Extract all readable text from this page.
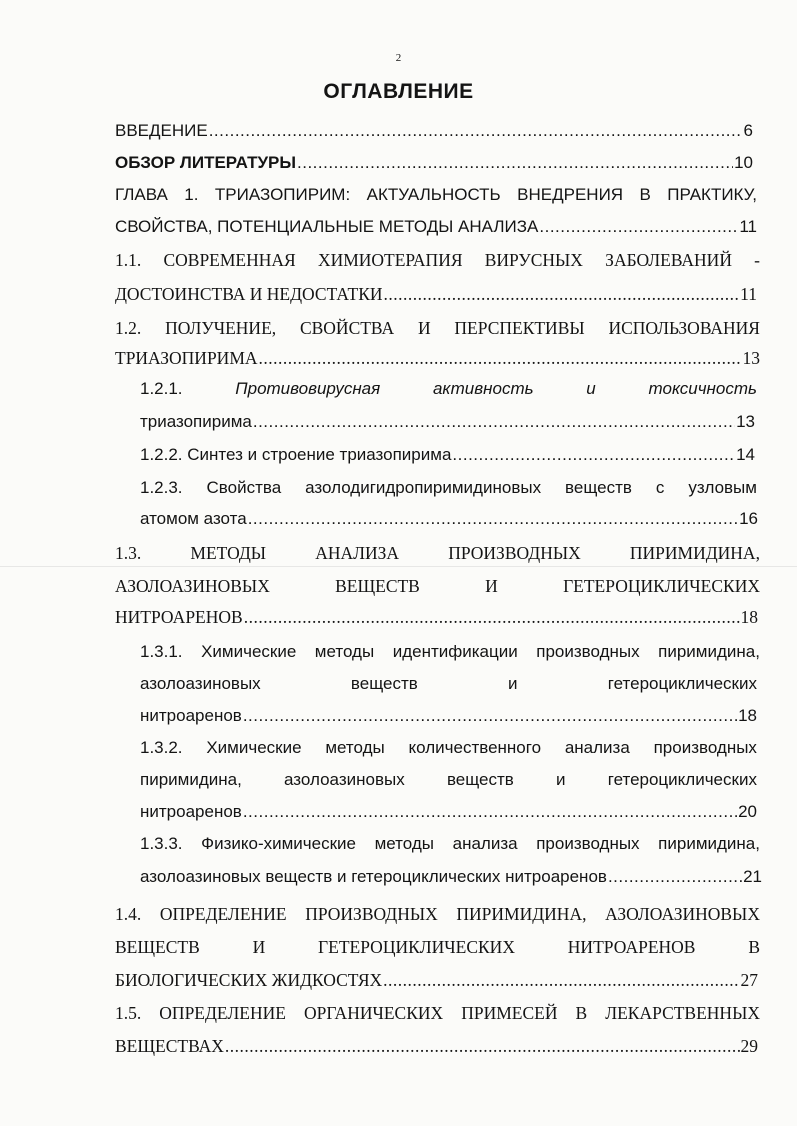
2
ОГЛАВЛЕНИЕ
ВВЕДЕНИЕ .....	6
ОБЗОР ЛИТЕРАТУРЫ .....	10
ГЛАВА 1. ТРИАЗОПИРИМ: АКТУАЛЬНОСТЬ ВНЕДРЕНИЯ В ПРАКТИКУ,
СВОЙСТВА, ПОТЕНЦИАЛЬНЫЕ МЕТОДЫ АНАЛИЗА .....	11
1.1. СОВРЕМЕННАЯ ХИМИОТЕРАПИЯ ВИРУСНЫХ ЗАБОЛЕВАНИЙ -
ДОСТОИНСТВА И НЕДОСТАТКИ .....	11
1.2. ПОЛУЧЕНИЕ, СВОЙСТВА И ПЕРСПЕКТИВЫ ИСПОЛЬЗОВАНИЯ
ТРИАЗОПИРИМА .....	13
1.2.1.	Противовирусная	активность	и	токсичность
триазопирима .....	13
1.2.2. Синтез и строение триазопирима .....	14
1.2.3. Свойства азолодигидропиримидиновых веществ с узловым
атомом азота .....	16
1.3.	МЕТОДЫ	АНАЛИЗА	ПРОИЗВОДНЫХ	ПИРИМИДИНА,
АЗОЛОАЗИНОВЫХ	ВЕЩЕСТВ	И	ГЕТЕРОЦИКЛИЧЕСКИХ
НИТРОАРЕНОВ .....	18
1.3.1. Химические методы идентификации производных пиримидина,
азолоазиновых	веществ	и	гетероциклических
нитроаренов .....	18
1.3.2. Химические методы количественного анализа производных
пиримидина, азолоазиновых веществ и гетероциклических
нитроаренов .....	20
1.3.3. Физико-химические методы анализа производных пиримидина,
азолоазиновых веществ и гетероциклических нитроаренов .....	21
1.4. ОПРЕДЕЛЕНИЕ ПРОИЗВОДНЫХ ПИРИМИДИНА, АЗОЛОАЗИНОВЫХ
ВЕЩЕСТВ	И	ГЕТЕРОЦИКЛИЧЕСКИХ	НИТРОАРЕНОВ	В
БИОЛОГИЧЕСКИХ ЖИДКОСТЯХ .....	27
1.5. ОПРЕДЕЛЕНИЕ ОРГАНИЧЕСКИХ ПРИМЕСЕЙ В ЛЕКАРСТВЕННЫХ
ВЕЩЕСТВАХ .....	29
